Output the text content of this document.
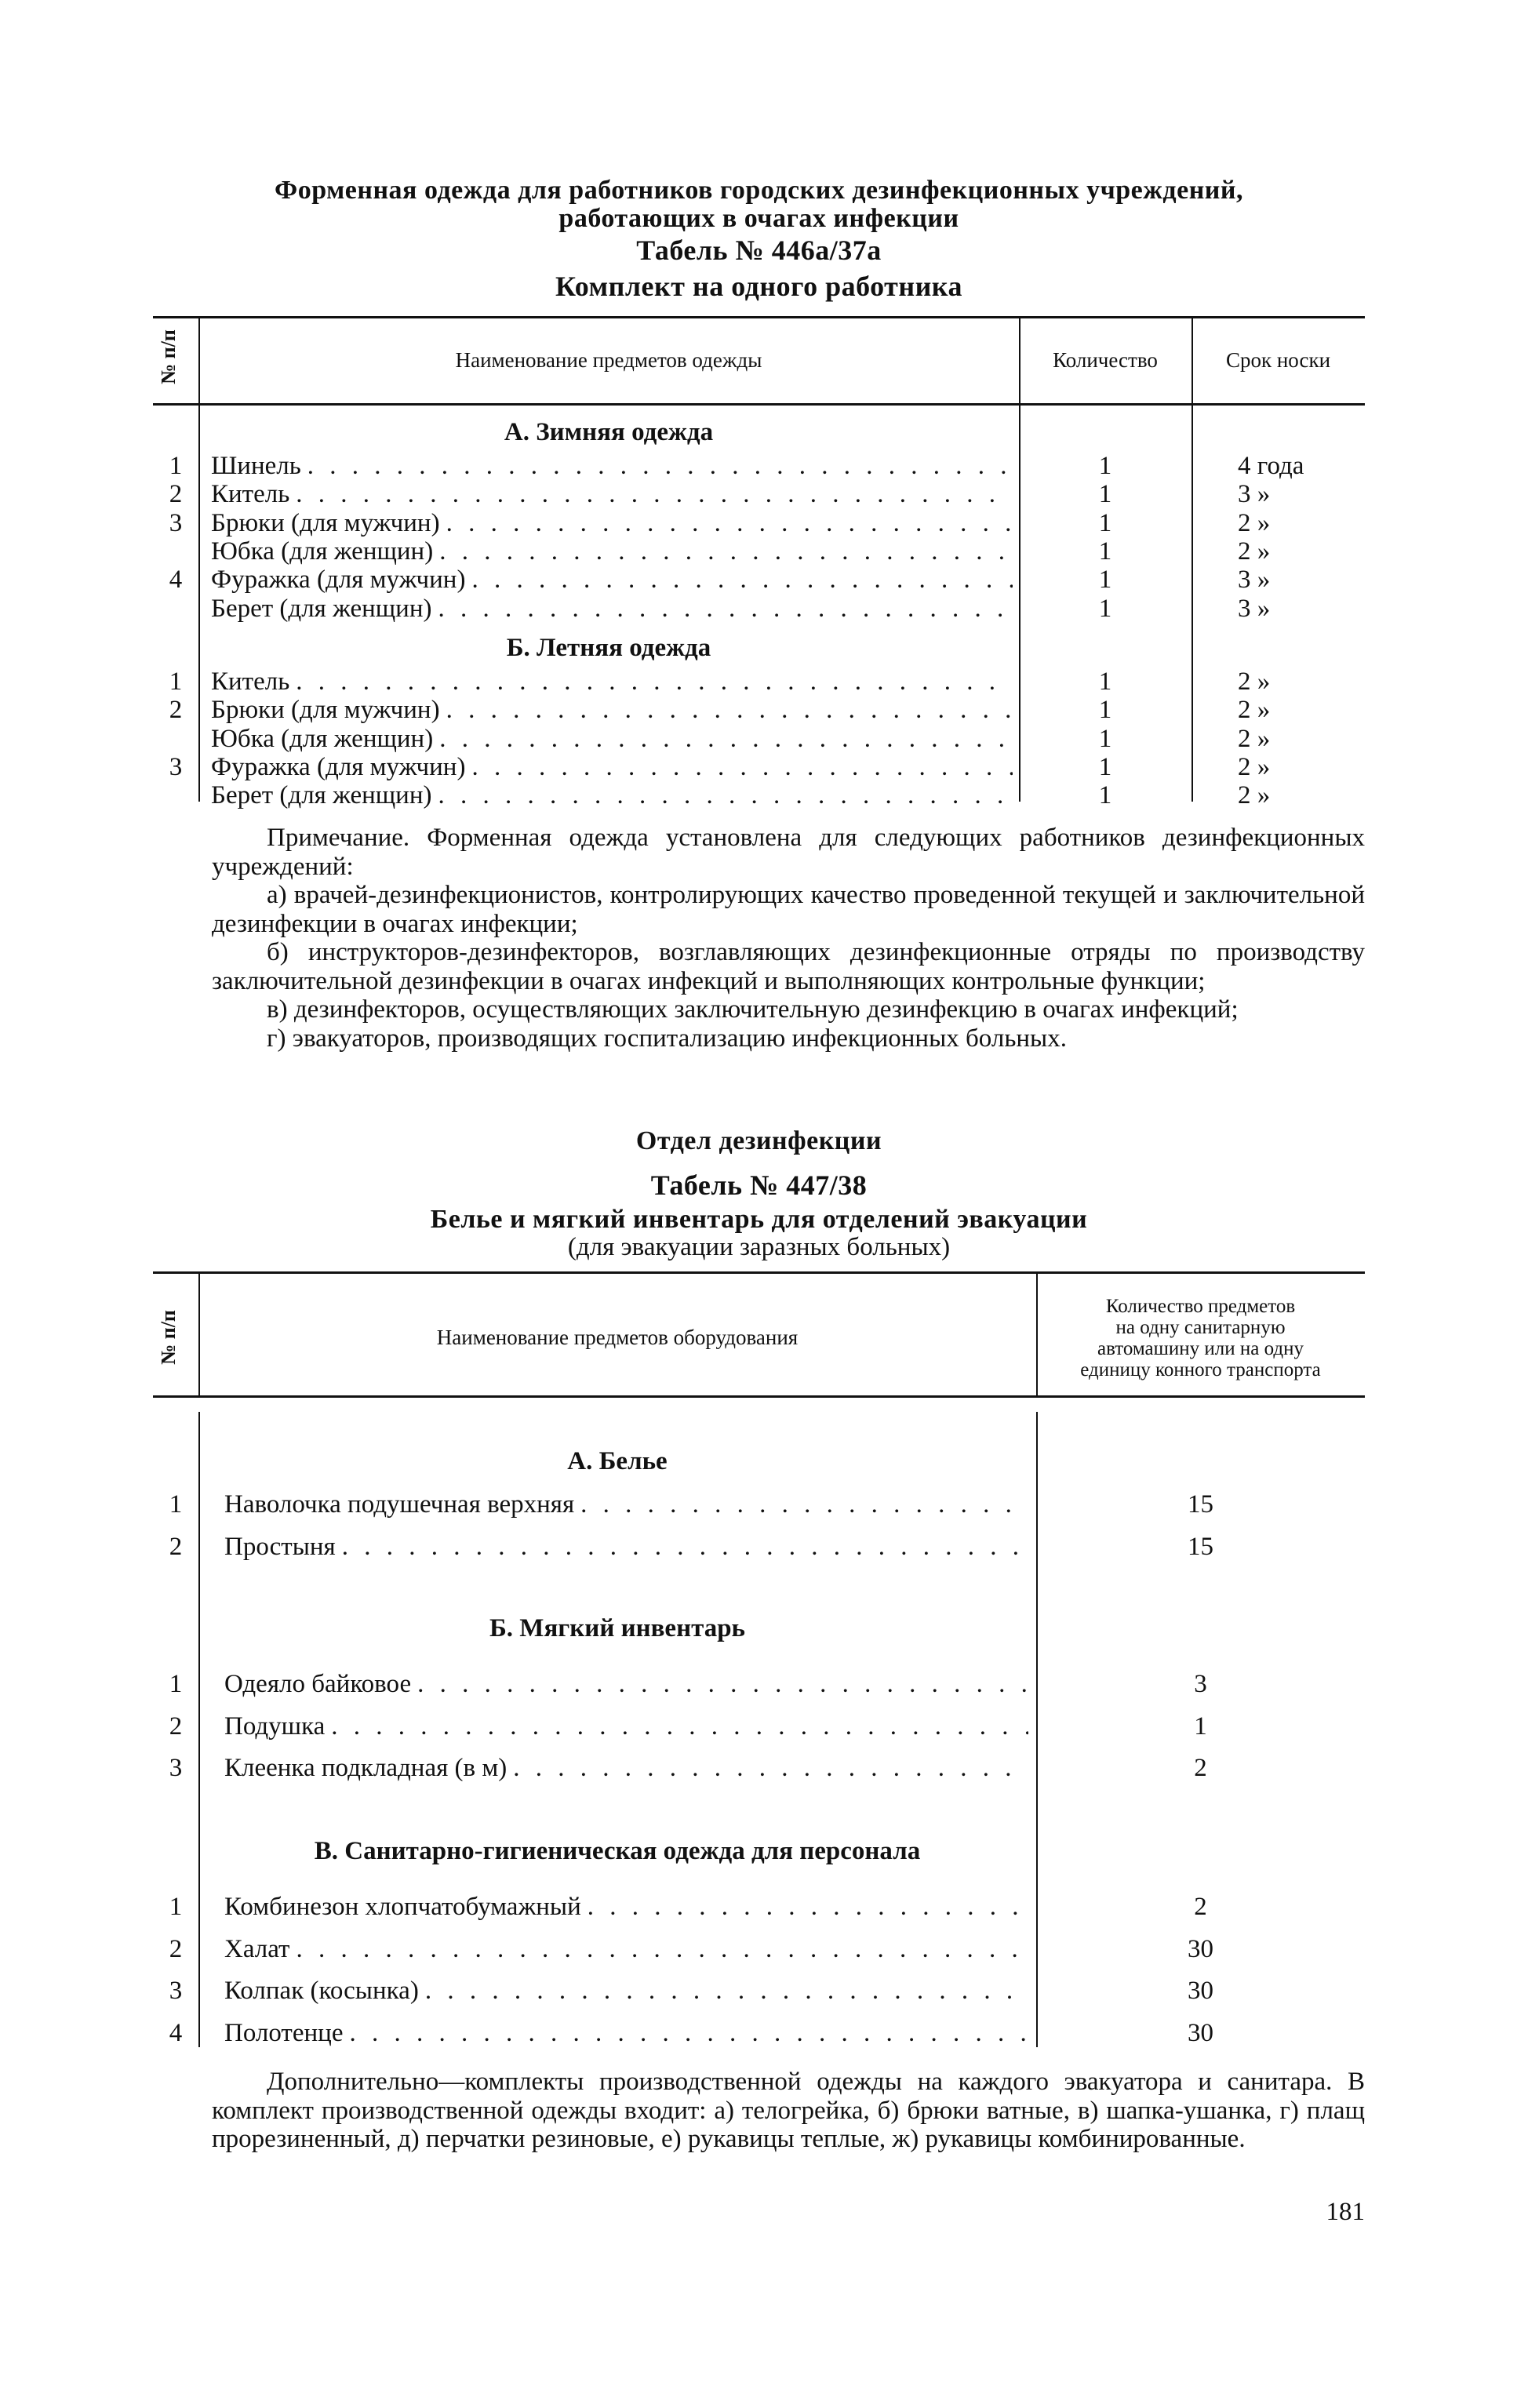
Форменная одежда для работников городских дезинфекционных учреждений,
работающих в очагах инфекции
Табель № 446а/37а
Комплект на одного работника
№ п/п	Наименование предметов одежды	Количество	Срок носки
А. Зимняя одежда
1	Шинель . . .	1	4 года
2	Китель . . .	1	3 »
3	Брюки (для мужчин) . . .	1	2 »
Юбка (для женщин) . . .	1	2 »
4	Фуражка (для мужчин) . . .	1	3 »
Берет (для женщин) . . .	1	3 »
Б. Летняя одежда
1	Китель . . .	1	2 »
2	Брюки (для мужчин) . . .	1	2 »
Юбка (для женщин) . . .	1	2 »
3	Фуражка (для мужчин) . . .	1	2 »
Берет (для женщин) . . .	1	2 »

Примечание. Форменная одежда установлена для следующих работников дезинфекционных учреждений:

а) врачей-дезинфекционистов, контролирующих качество проведенной текущей и заключительной дезинфекции в очагах инфекции;

б) инструкторов-дезинфекторов, возглавляющих дезинфекционные отряды по производству заключительной дезинфекции в очагах инфекций и выполняющих контрольные функции;

в) дезинфекторов, осуществляющих заключительную дезинфекцию в очагах инфекций;

г) эвакуаторов, производящих госпитализацию инфекционных больных.

Отдел дезинфекции
Табель № 447/38
Белье и мягкий инвентарь для отделений эвакуации
(для эвакуации заразных больных)
№ п/п	Наименование предметов оборудования
Количество предметов
на одну санитарную
автомашину или на одну
единицу конного транспорта
А. Белье
1	Наволочка подушечная верхняя . . .	15
2	Простыня . . .	15
Б. Мягкий инвентарь
1	Одеяло байковое . . .	3
2	Подушка . . .	1
3	Клеенка подкладная (в м) . . .	2
В. Санитарно-гигиеническая одежда для персонала
1	Комбинезон хлопчатобумажный . . .	2
2	Халат . . .	30
3	Колпак (косынка) . . .	30
4	Полотенце . . .	30

Дополнительно—комплекты производственной одежды на каждого эвакуатора и санитара. В комплект производственной одежды входит: а) телогрейка, б) брюки ватные, в) шапка-ушанка, г) плащ прорезиненный, д) перчатки резиновые, е) рукавицы теплые, ж) рукавицы комбинированные.

181
